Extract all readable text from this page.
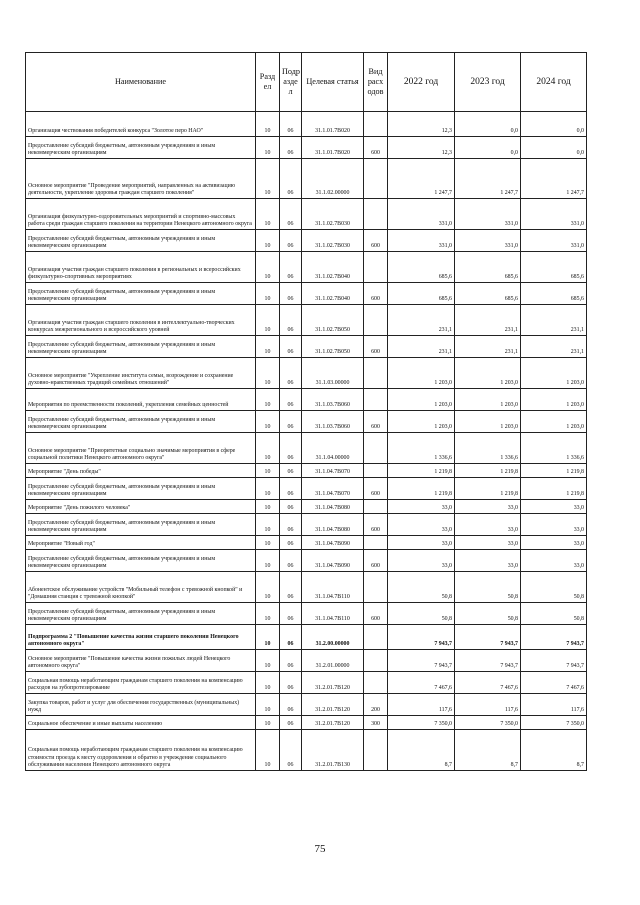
Наименование	Разд ел	Подр азде л	Целевая статья	Вид расх одов	2022 год	2023 год	2024 год
Организация чествования победителей конкурса "Золотое перо НАО"	10	06	31.1.01.7В020		12,3	0,0	0,0
Предоставление субсидий бюджетным, автономным учреждениям и иным некоммерческим организациям	10	06	31.1.01.7В020	600	12,3	0,0	0,0
Основное мероприятие "Проведение мероприятий, направленных на активизацию деятельности, укрепление здоровья граждан старшего поколения"	10	06	31.1.02.00000		1 247,7	1 247,7	1 247,7
Организация физкультурно-оздоровительных мероприятий и спортивно-массовых работа среди граждан старшего поколения на территории Ненецкого автономного округа	10	06	31.1.02.7В030		331,0	331,0	331,0
Предоставление субсидий бюджетным, автономным учреждениям и иным некоммерческим организациям	10	06	31.1.02.7В030	600	331,0	331,0	331,0
Организация участия граждан старшего поколения в региональных и всероссийских физкультурно-спортивных мероприятиях	10	06	31.1.02.7В040		685,6	685,6	685,6
Предоставление субсидий бюджетным, автономным учреждениям и иным некоммерческим организациям	10	06	31.1.02.7В040	600	685,6	685,6	685,6
Организация участия граждан старшего поколения в интеллектуально-творческих конкурсах межрегионального и всероссийского уровней	10	06	31.1.02.7В050		231,1	231,1	231,1
Предоставление субсидий бюджетным, автономным учреждениям и иным некоммерческим организациям	10	06	31.1.02.7В050	600	231,1	231,1	231,1
Основное мероприятие "Укрепление института семьи, возрождение и сохранение духовно-нравственных традиций семейных отношений"	10	06	31.1.03.00000		1 203,0	1 203,0	1 203,0
Мероприятия по преемственности поколений, укрепления семейных ценностей	10	06	31.1.03.7В060		1 203,0	1 203,0	1 203,0
Предоставление субсидий бюджетным, автономным учреждениям и иным некоммерческим организациям	10	06	31.1.03.7В060	600	1 203,0	1 203,0	1 203,0
Основное мероприятие "Приоритетные социально значимые мероприятия в сфере социальной политики Ненецкого автономного округа"	10	06	31.1.04.00000		1 336,6	1 336,6	1 336,6
Мероприятие "День победы"	10	06	31.1.04.7В070		1 219,8	1 219,8	1 219,8
Предоставление субсидий бюджетным, автономным учреждениям и иным некоммерческим организациям	10	06	31.1.04.7В070	600	1 219,8	1 219,8	1 219,8
Мероприятие "День пожилого человека"	10	06	31.1.04.7В080		33,0	33,0	33,0
Предоставление субсидий бюджетным, автономным учреждениям и иным некоммерческим организациям	10	06	31.1.04.7В080	600	33,0	33,0	33,0
Мероприятие "Новый год"	10	06	31.1.04.7В090		33,0	33,0	33,0
Предоставление субсидий бюджетным, автономным учреждениям и иным некоммерческим организациям	10	06	31.1.04.7В090	600	33,0	33,0	33,0
Абонентское обслуживание устройств "Мобильный телефон с тревожной кнопкой" и "Домашняя станция с тревожной кнопкой"	10	06	31.1.04.7В110		50,8	50,8	50,8
Предоставление субсидий бюджетным, автономным учреждениям и иным некоммерческим организациям	10	06	31.1.04.7В110	600	50,8	50,8	50,8
Подпрограмма 2 "Повышение качества жизни старшего поколения Ненецкого автономного округа"	10	06	31.2.00.00000		7 943,7	7 943,7	7 943,7
Основное мероприятие "Повышение качества жизни пожилых людей Ненецкого автономного округа"	10	06	31.2.01.00000		7 943,7	7 943,7	7 943,7
Социальная помощь неработающим гражданам старшего поколения на компенсацию расходов на зубопротезирование	10	06	31.2.01.7В120		7 467,6	7 467,6	7 467,6
Закупка товаров, работ и услуг для обеспечения государственных (муниципальных) нужд	10	06	31.2.01.7В120	200	117,6	117,6	117,6
Социальное обеспечение и иные выплаты населению	10	06	31.2.01.7В120	300	7 350,0	7 350,0	7 350,0
Социальная помощь неработающим гражданам старшего поколения на компенсацию стоимости проезда к месту оздоровления и обратно в учреждение социального обслуживания населения Ненецкого автономного округа	10	06	31.2.01.7В130		8,7	8,7	8,7
75
